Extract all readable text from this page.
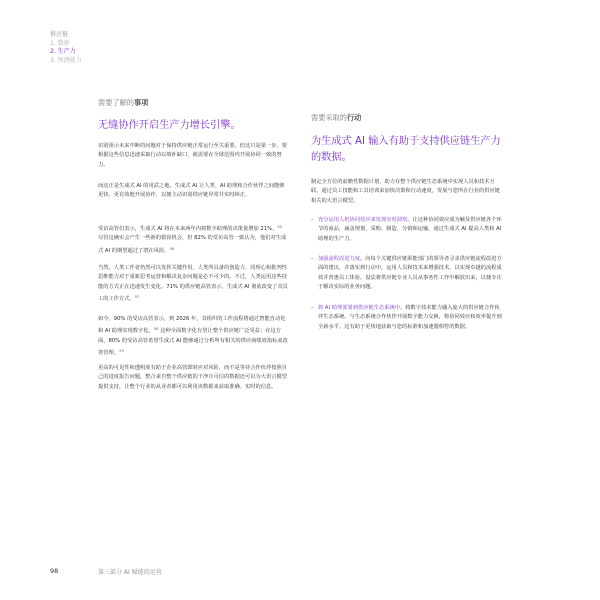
供应链
1. 数据
2. 生产力
3. 预测能力
需要了解的事项
无缝协作开启生产力增长引擎。

识别预示未来中断的问题对于保持供应链正常运行至关重要，但这只是第一步。要根据这些信息迅速采取行动以填补缺口，就需要在全球范围内开展协同一致的努力。

而这正是生成式 AI 的用武之地。生成式 AI 让人类、AI 助理和合作伙伴之间能够更快、更有效地开展协作，以便主动识别供应链异常并实时纠正。

受访高管们表示，生成式 AI 将在未来两年内将数字助理的决策量增加 21%。$^{55}$ 尽管这确实会产生一些新的错误机会，但 82% 的受访高管一致认为，他们对生成式 AI 的期望超过了潜在风险。$^{56}$

当然，人类工作者仍然可以发挥关键作用。人类所具备的创造力、同理心和批判性思维能力对于重新思考运营和解决复杂问题是必不可少的。不过，人类运用这些技能的方式正在迅速发生变化。71% 的供应链高管表示，生成式 AI 彻底改变了其员工的工作方式。$^{57}$

如今，90% 的受访高管表示，到 2026 年，其组织的工作流程将通过智能自动化和 AI 助理实现数字化。$^{58}$ 这种全面数字化有望让整个供应链广泛受益；在这方面，80% 的受访高管希望生成式 AI 能够通过分析所有相关的供应商绩效指标来改善管理。$^{59}$

更高的可见性和透明度有助于企业高管即时应对风险，而不是等待合作伙伴按照自己的进度报告问题。整合来自整个供应链的干净且可信的数据还可以为大语言模型提供支持，让整个行业的从业者都可以利用该数据来获取准确、实时的信息。

需要采取的行动
为生成式 AI 输入有助于支持供应链生产力的数据。

制定全方位的前瞻性数据计划，助力在整个供应链生态系统中实现人员和技术互联。通过员工技能和工具培训来加快决策和行动速度，发展与您所在行业的供应链相关的大语言模型。

– 充分运用人机协同效应来发现实时洞察。让这种协同效应成为触及供应链各个环节的商品，涵盖规划、采购、制造、分销和运输。通过生成式 AI 提高人类和 AI 助理的生产力。
– 加强流程改进力度。向每个关键供应链职能部门的领导者寻求供应链流程改进方面的建议，并落实到行动中。运用人员和技术来增强技术，以实现卓越的流程成效并普惠员工体验。设法将供应链专业人员从事务性工作中解放出来，以便专注于解决实际的业务问题。
– 将 AI 助理部署到供应链生态系统中。将数字技术能力融入庞大的供应链合作伙伴生态系统。与生态系统合作伙伴开展数字能力交换，将协同效应和效率提升到全新水平。这有助于更快地获取与您的标准和加速器相符的数据。
98	第三部分 AI 赋能的运营
